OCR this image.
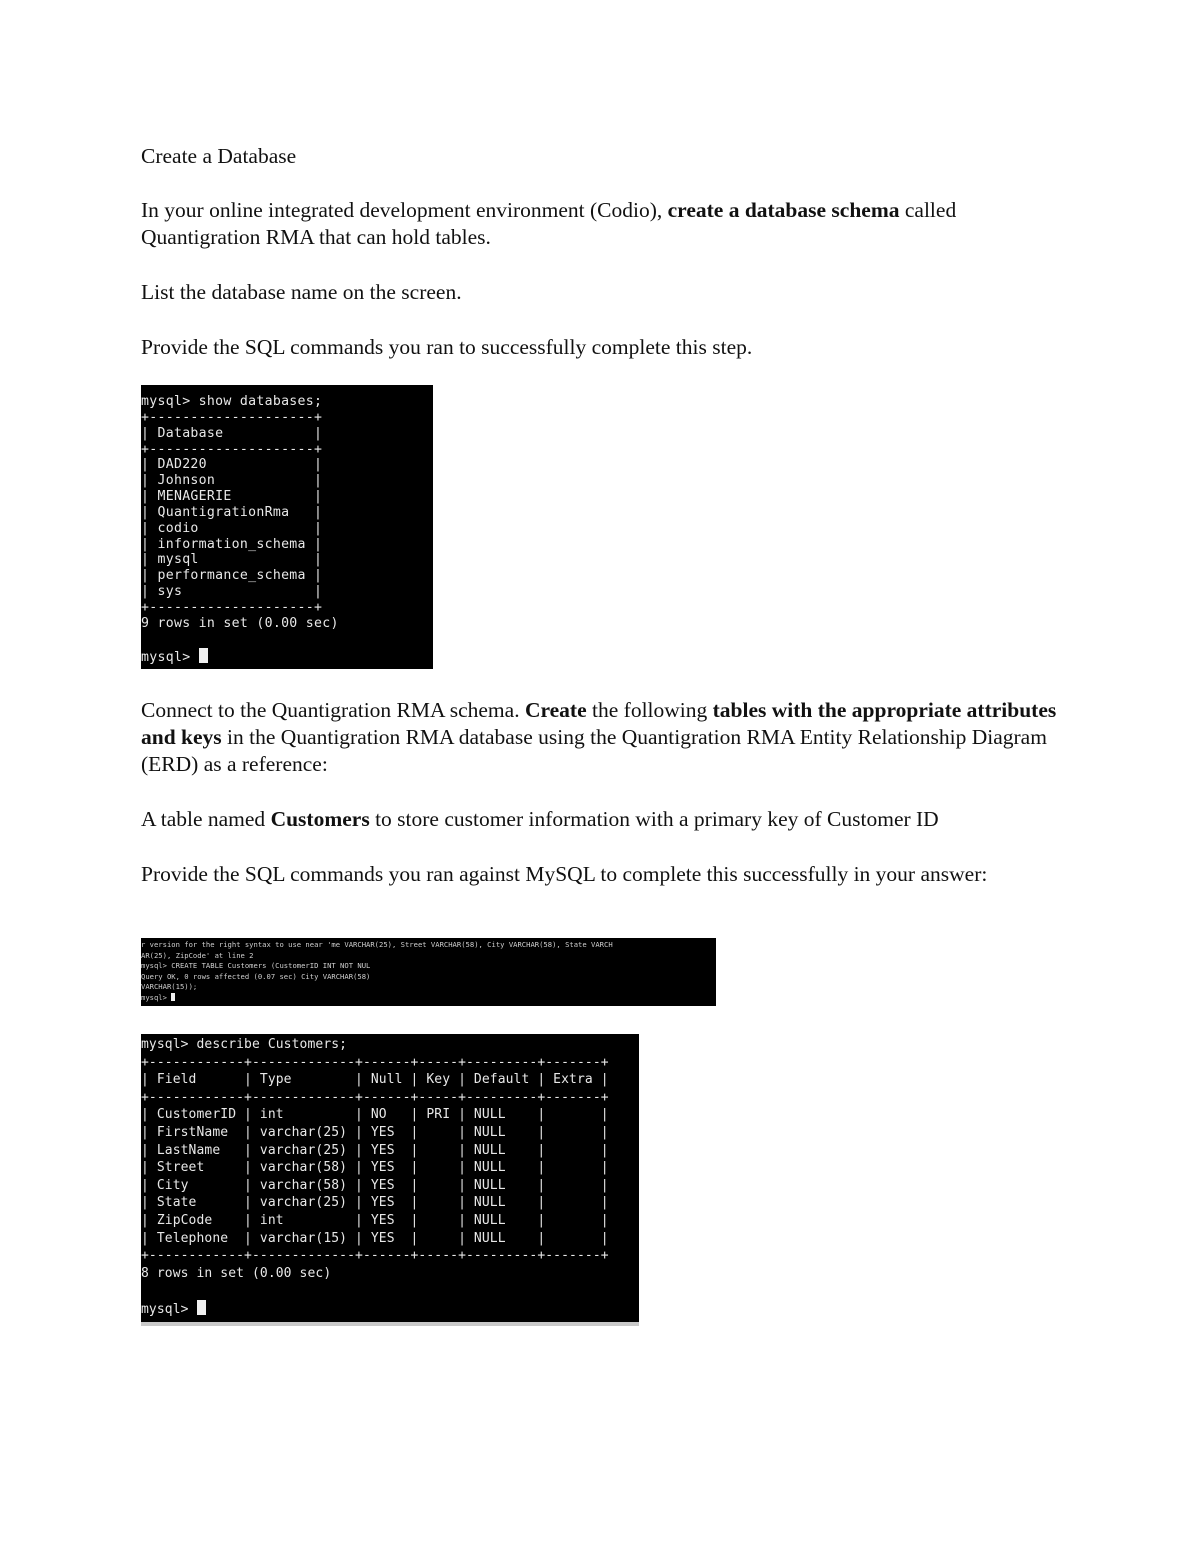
Create a Database

In your online integrated development environment (Codio), create a database schema called Quantigration RMA that can hold tables.

List the database name on the screen.

Provide the SQL commands you ran to successfully complete this step.

mysql> show databases;
+--------------------+
| Database           |
+--------------------+
| DAD220             |
| Johnson            |
| MENAGERIE          |
| QuantigrationRma   |
| codio              |
| information_schema |
| mysql              |
| performance_schema |
| sys                |
+--------------------+
9 rows in set (0.00 sec)

mysql>

Connect to the Quantigration RMA schema. Create the following tables with the appropriate attributes and keys in the Quantigration RMA database using the Quantigration RMA Entity Relationship Diagram (ERD) as a reference:

A table named Customers to store customer information with a primary key of Customer ID

Provide the SQL commands you ran against MySQL to complete this successfully in your answer:

r version for the right syntax to use near 'me VARCHAR(25), Street VARCHAR(58), City VARCHAR(58), State VARCH
AR(25), ZipCode' at line 2
mysql> CREATE TABLE Customers (CustomerID INT NOT NUL
Query OK, 0 rows affected (0.07 sec) City VARCHAR(58)
VARCHAR(15));
mysql>
mysql> describe Customers;
+------------+-------------+------+-----+---------+-------+
| Field      | Type        | Null | Key | Default | Extra |
+------------+-------------+------+-----+---------+-------+
| CustomerID | int         | NO   | PRI | NULL    |       |
| FirstName  | varchar(25) | YES  |     | NULL    |       |
| LastName   | varchar(25) | YES  |     | NULL    |       |
| Street     | varchar(58) | YES  |     | NULL    |       |
| City       | varchar(58) | YES  |     | NULL    |       |
| State      | varchar(25) | YES  |     | NULL    |       |
| ZipCode    | int         | YES  |     | NULL    |       |
| Telephone  | varchar(15) | YES  |     | NULL    |       |
+------------+-------------+------+-----+---------+-------+
8 rows in set (0.00 sec)

mysql>
